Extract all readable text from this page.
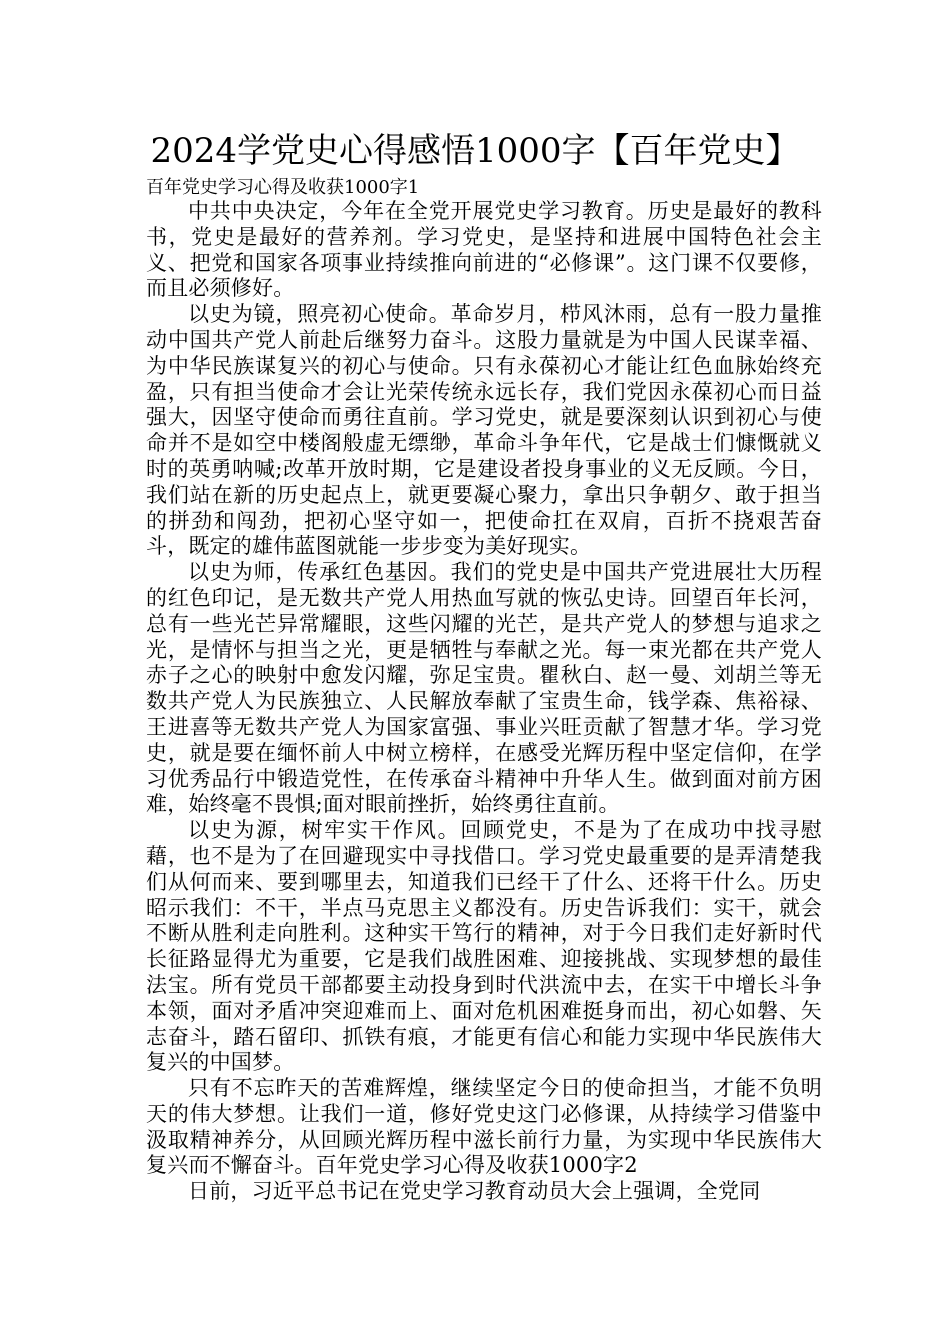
2024学党史心得感悟1000字【百年党史】
百年党史学习心得及收获1000字1

中共中央决定，今年在全党开展党史学习教育。历史是最好的教科书，党史是最好的营养剂。学习党史，是坚持和进展中国特色社会主义、把党和国家各项事业持续推向前进的“必修课”。这门课不仅要修，而且必须修好。

以史为镜，照亮初心使命。革命岁月，栉风沐雨，总有一股力量推动中国共产党人前赴后继努力奋斗。这股力量就是为中国人民谋幸福、为中华民族谋复兴的初心与使命。只有永葆初心才能让红色血脉始终充盈，只有担当使命才会让光荣传统永远长存，我们党因永葆初心而日益强大，因坚守使命而勇往直前。学习党史，就是要深刻认识到初心与使命并不是如空中楼阁般虚无缥缈，革命斗争年代，它是战士们慷慨就义时的英勇呐喊;改革开放时期，它是建设者投身事业的义无反顾。今日，我们站在新的历史起点上，就更要凝心聚力，拿出只争朝夕、敢于担当的拼劲和闯劲，把初心坚守如一，把使命扛在双肩，百折不挠艰苦奋斗，既定的雄伟蓝图就能一步步变为美好现实。

以史为师，传承红色基因。我们的党史是中国共产党进展壮大历程的红色印记，是无数共产党人用热血写就的恢弘史诗。回望百年长河，总有一些光芒异常耀眼，这些闪耀的光芒，是共产党人的梦想与追求之光，是情怀与担当之光，更是牺牲与奉献之光。每一束光都在共产党人赤子之心的映射中愈发闪耀，弥足宝贵。瞿秋白、赵一曼、刘胡兰等无数共产党人为民族独立、人民解放奉献了宝贵生命，钱学森、焦裕禄、王进喜等无数共产党人为国家富强、事业兴旺贡献了智慧才华。学习党史，就是要在缅怀前人中树立榜样，在感受光辉历程中坚定信仰，在学习优秀品行中锻造党性，在传承奋斗精神中升华人生。做到面对前方困难，始终毫不畏惧;面对眼前挫折，始终勇往直前。

以史为源，树牢实干作风。回顾党史，不是为了在成功中找寻慰藉，也不是为了在回避现实中寻找借口。学习党史最重要的是弄清楚我们从何而来、要到哪里去，知道我们已经干了什么、还将干什么。历史昭示我们：不干，半点马克思主义都没有。历史告诉我们：实干，就会不断从胜利走向胜利。这种实干笃行的精神，对于今日我们走好新时代长征路显得尤为重要，它是我们战胜困难、迎接挑战、实现梦想的最佳法宝。所有党员干部都要主动投身到时代洪流中去，在实干中增长斗争本领，面对矛盾冲突迎难而上、面对危机困难挺身而出，初心如磐、矢志奋斗，踏石留印、抓铁有痕，才能更有信心和能力实现中华民族伟大复兴的中国梦。

只有不忘昨天的苦难辉煌，继续坚定今日的使命担当，才能不负明天的伟大梦想。让我们一道，修好党史这门必修课，从持续学习借鉴中汲取精神养分，从回顾光辉历程中滋长前行力量，为实现中华民族伟大复兴而不懈奋斗。百年党史学习心得及收获1000字2

日前，习近平总书记在党史学习教育动员大会上强调，全党同
